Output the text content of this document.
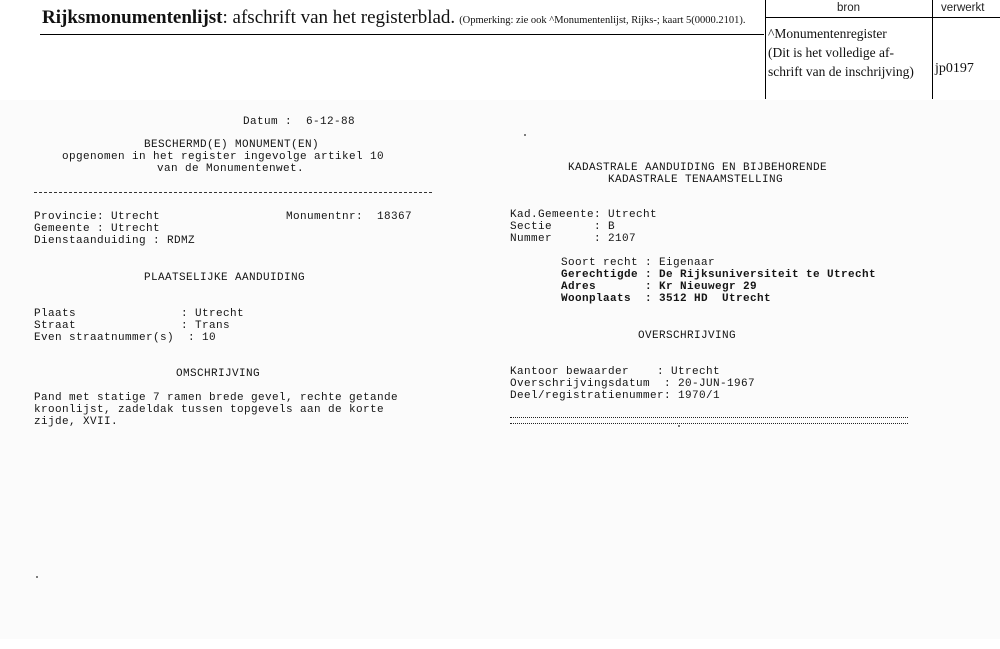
Rijksmonumentenlijst: afschrift van het registerblad. (Opmerking: zie ook ^Monumentenlijst, Rijks-; kaart 5(0000.2101).
bron	verwerkt
^Monumentenregister
(Dit is het volledige af-
schrift van de inschrijving)	jp0197
Datum :  6-12-88
BESCHERMD(E) MONUMENT(EN)
opgenomen in het register ingevolge artikel 10
van de Monumentenwet.
Provincie: Utrecht	Monumentnr:  18367
Gemeente : Utrecht
Dienstaanduiding : RDMZ
PLAATSELIJKE AANDUIDING
Plaats               : Utrecht
Straat               : Trans
Even straatnummer(s)  : 10
OMSCHRIJVING
Pand met statige 7 ramen brede gevel, rechte getande
kroonlijst, zadeldak tussen topgevels aan de korte
zijde, XVII.
KADASTRALE AANDUIDING EN BIJBEHORENDE
KADASTRALE TENAAMSTELLING
Kad.Gemeente: Utrecht
Sectie      : B
Nummer      : 2107
Soort recht : Eigenaar
Gerechtigde : De Rijksuniversiteit te Utrecht
Adres       : Kr Nieuwegr 29
Woonplaats  : 3512 HD  Utrecht
OVERSCHRIJVING
Kantoor bewaarder    : Utrecht
Overschrijvingsdatum  : 20-JUN-1967
Deel/registratienummer: 1970/1
